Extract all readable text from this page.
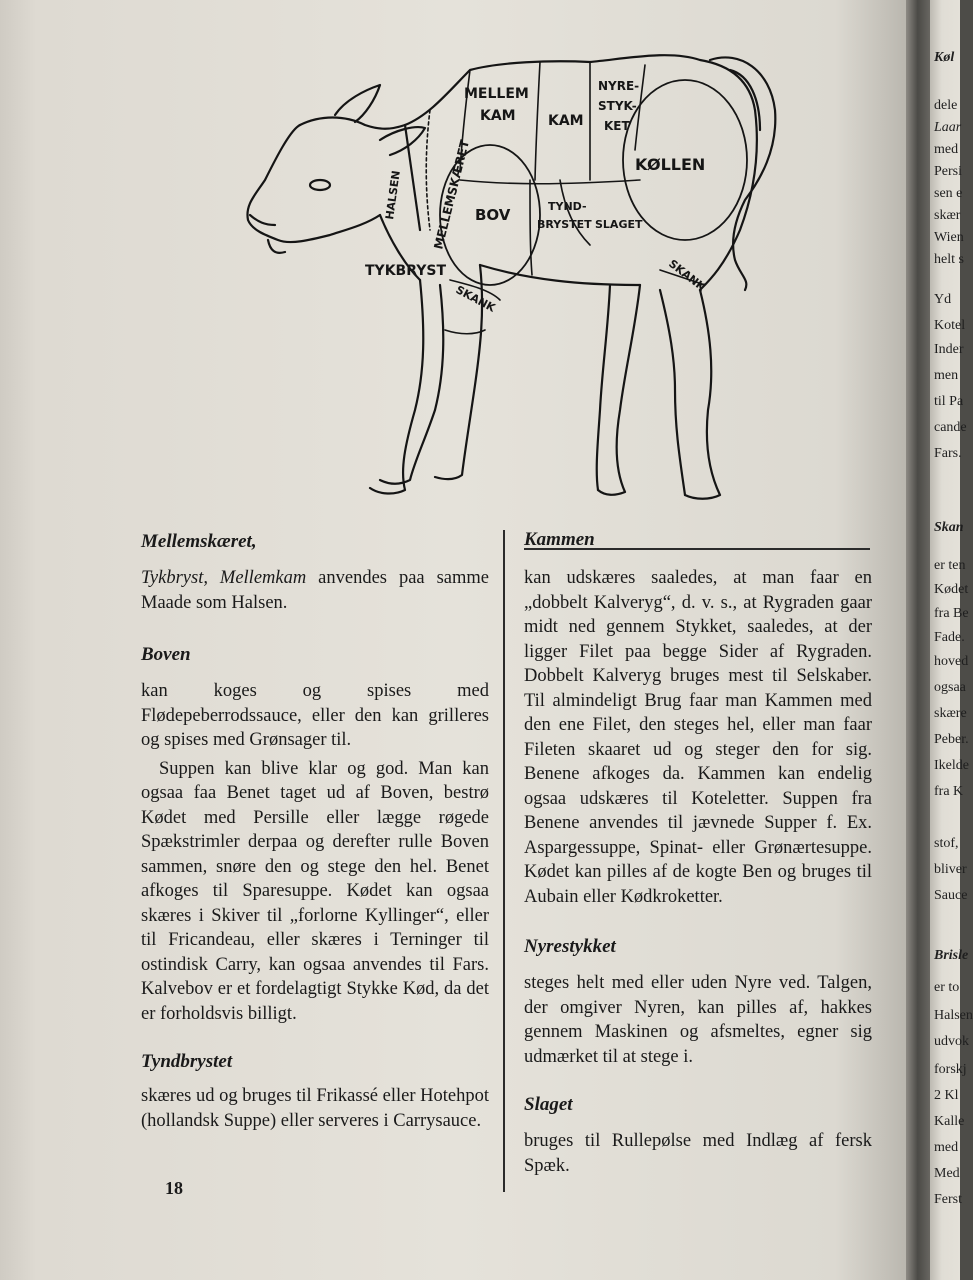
MELLEM
KAM KAM
NYRE-
STYK-
KET
KØLLEN
HALSEN MELLEMSKÆRET BOV	TYND-
BRYSTET SLAGET
TYKBRYST
SKANK
SKANK

Mellemskæret,

Tykbryst, Mellemkam anvendes paa samme Maade som Halsen.

Boven

kan koges og spises med Flødepeberrodssauce, eller den kan grilleres og spises med Grønsager til.

Suppen kan blive klar og god. Man kan ogsaa faa Benet taget ud af Boven, bestrø Kødet med Persille eller lægge røgede Spækstrimler derpaa og derefter rulle Boven sammen, snøre den og stege den hel. Benet afkoges til Sparesuppe. Kødet kan ogsaa skæres i Skiver til „forlorne Kyllinger“, eller til Fricandeau, eller skæres i Terninger til ostindisk Carry, kan ogsaa anvendes til Fars. Kalvebov er et fordelagtigt Stykke Kød, da det er forholdsvis billigt.

Tyndbrystet

skæres ud og bruges til Frikassé eller Hotehpot (hollandsk Suppe) eller serveres i Carrysauce.

Kammen

kan udskæres saaledes, at man faar en „dobbelt Kalveryg“, d. v. s., at Rygraden gaar midt ned gennem Stykket, saaledes, at der ligger Filet paa begge Sider af Rygraden. Dobbelt Kalveryg bruges mest til Selskaber. Til almindeligt Brug faar man Kammen med den ene Filet, den steges hel, eller man faar Fileten skaaret ud og steger den for sig. Benene afkoges da. Kammen kan endelig ogsaa udskæres til Koteletter. Suppen fra Benene anvendes til jævnede Supper f. Ex. Aspargessuppe, Spinat- eller Grønærtesuppe. Kødet kan pilles af de kogte Ben og bruges til Aubain eller Kødkroketter.

Nyrestykket

steges helt med eller uden Nyre ved. Talgen, der omgiver Nyren, kan pilles af, hakkes gennem Maskinen og afsmeltes, egner sig udmærket til at stege i.

Slaget

bruges til Rullepølse med Indlæg af fersk Spæk.

18
Køl
dele
Laar
med
Persi
sen e
skær
Wien
helt s
Yd
Kotel
Inder
men
til Pa
cande
Fars.
Skan
er ten
Kødet
fra Be
Fade.
hoved
ogsaa
skære
Peber.
Ikelde
fra K
stof,
bliver
Sauce
Brisle
er to
Halsen
udvok
forskj
2 Kl
Kalle
med
Med
Ferst
